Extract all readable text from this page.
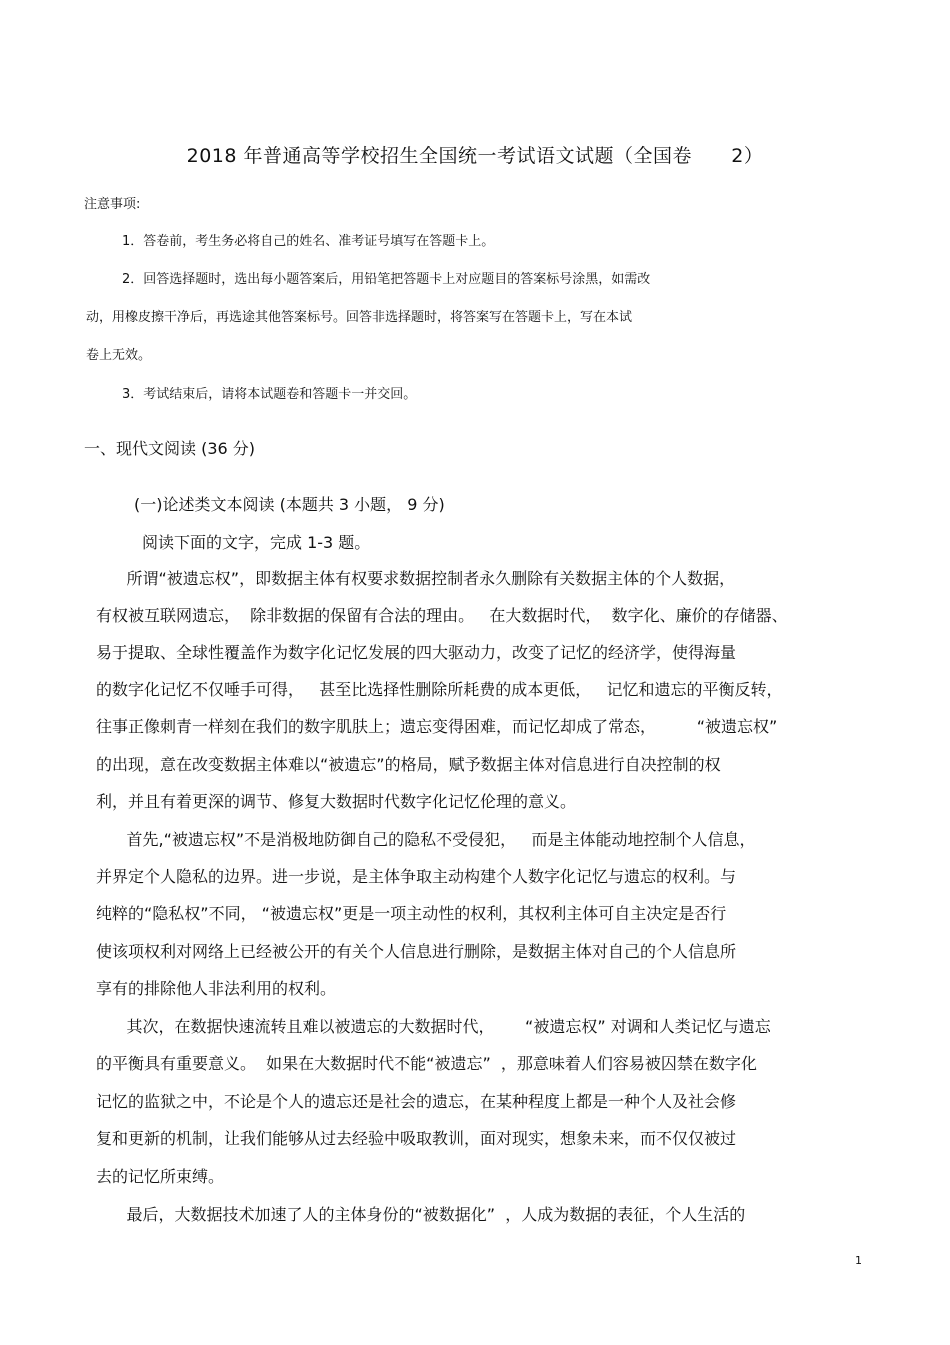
2018 年普通高等学校招生全国统一考试语文试题（全国卷      2）
注意事项:
1．答卷前，考生务必将自己的姓名、准考证号填写在答题卡上。
2．回答选择题时，选出每小题答案后，用铅笔把答题卡上对应题目的答案标号涂黑，如需改
动，用橡皮擦干净后，再选途其他答案标号。回答非选择题时，将答案写在答题卡上，写在本试
卷上无效。
3．考试结束后，请将本试题卷和答题卡一并交回。
一、现代文阅读 (36 分)
(一)论述类文本阅读 (本题共 3 小题， 9 分)
阅读下面的文字，完成 1-3 题。
所谓“被遗忘权”，即数据主体有权要求数据控制者永久删除有关数据主体的个人数据，
有权被互联网遗忘，  除非数据的保留有合法的理由。   在大数据时代，  数字化、廉价的存储器、
易于提取、全球性覆盖作为数字化记忆发展的四大驱动力，改变了记忆的经济学，使得海量
的数字化记忆不仅唾手可得，   甚至比选择性删除所耗费的成本更低，   记忆和遗忘的平衡反转，
往事正像刺青一样刻在我们的数字肌肤上；遗忘变得困难，而记忆却成了常态，        “被遗忘权”
的出现，意在改变数据主体难以“被遗忘”的格局，赋予数据主体对信息进行自决控制的权
利，并且有着更深的调节、修复大数据时代数字化记忆伦理的意义。
首先,“被遗忘权”不是消极地防御自己的隐私不受侵犯，   而是主体能动地控制个人信息，
并界定个人隐私的边界。进一步说，是主体争取主动构建个人数字化记忆与遗忘的权利。与
纯粹的“隐私权”不同， “被遗忘权”更是一项主动性的权利，其权利主体可自主决定是否行
使该项权利对网络上已经被公开的有关个人信息进行删除，是数据主体对自己的个人信息所
享有的排除他人非法利用的权利。
其次，在数据快速流转且难以被遗忘的大数据时代，      “被遗忘权” 对调和人类记忆与遗忘
的平衡具有重要意义。  如果在大数据时代不能“被遗忘”  ，那意味着人们容易被囚禁在数字化
记忆的监狱之中，不论是个人的遗忘还是社会的遗忘，在某种程度上都是一种个人及社会修
复和更新的机制，让我们能够从过去经验中吸取教训，面对现实，想象未来，而不仅仅被过
去的记忆所束缚。
最后，大数据技术加速了人的主体身份的“被数据化”  ，人成为数据的表征，个人生活的
1
